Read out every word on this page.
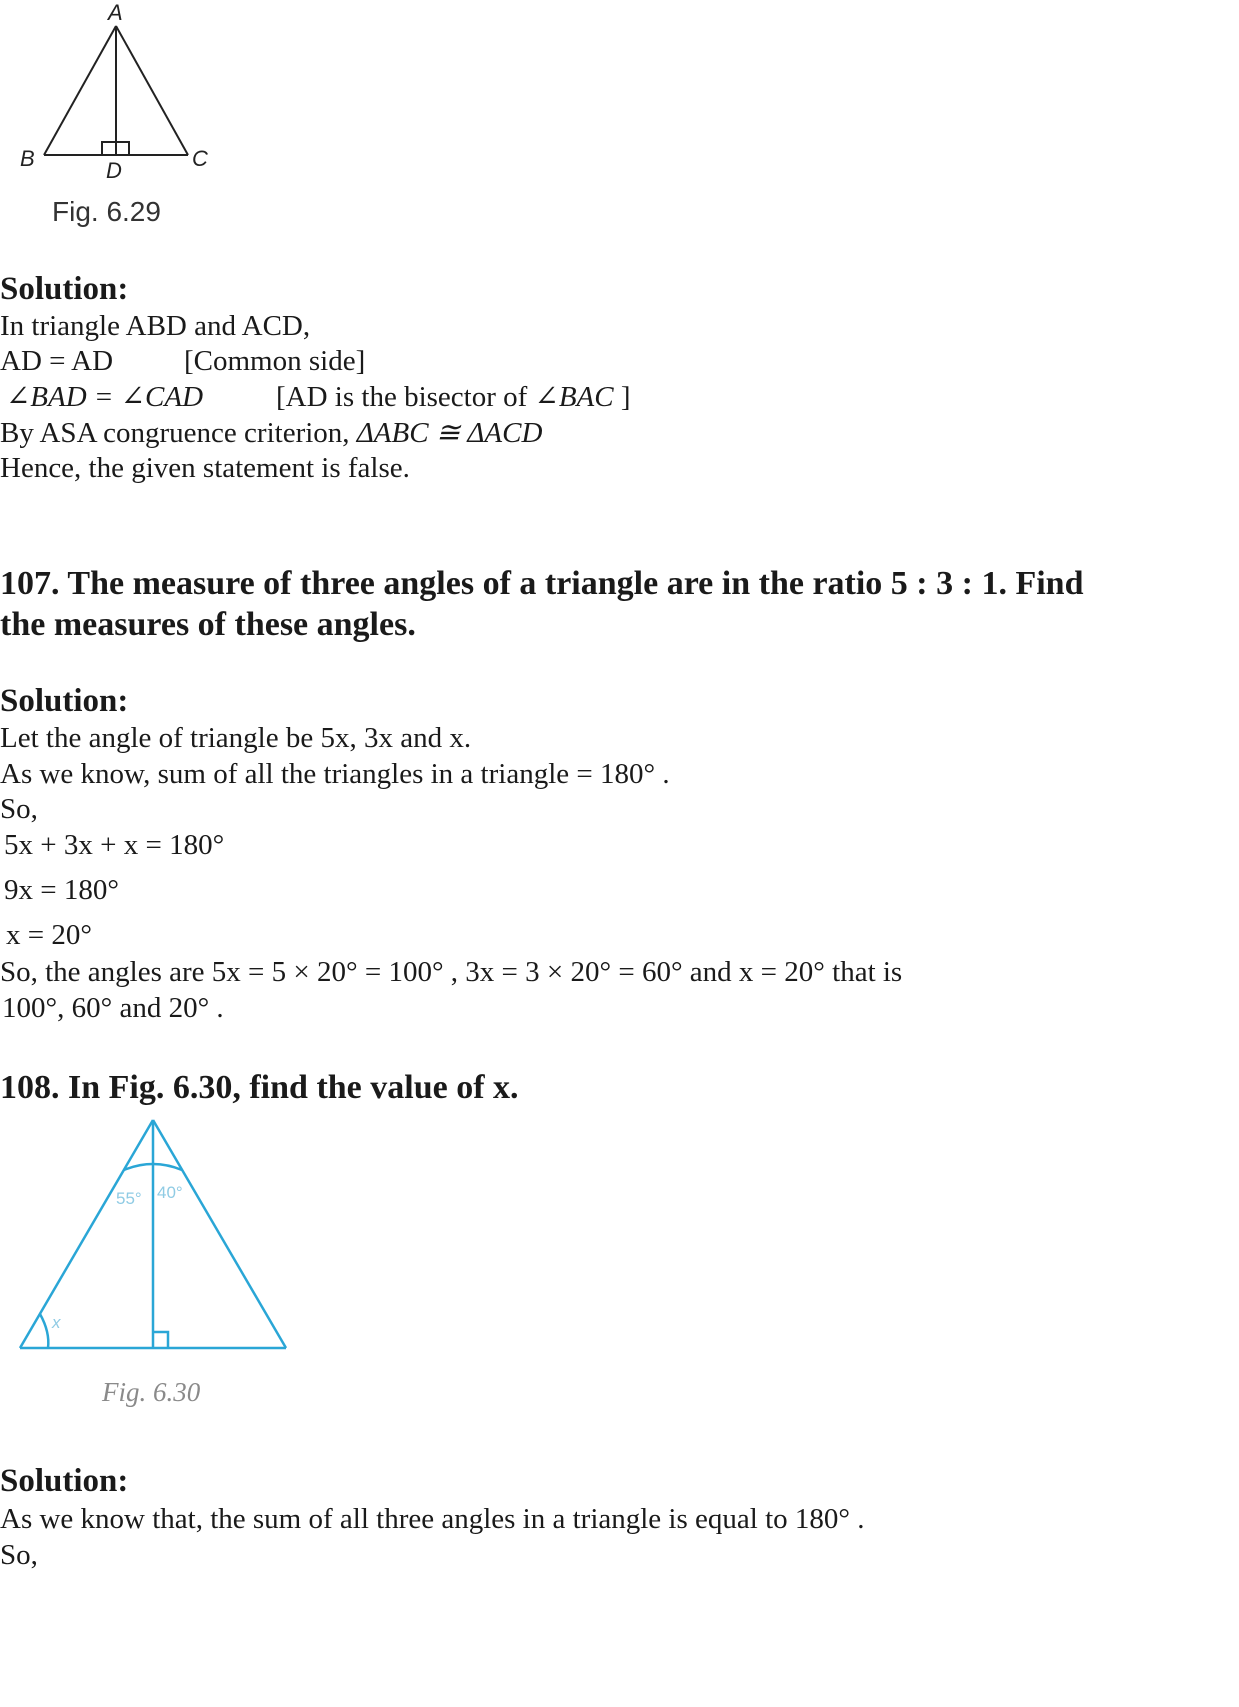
A
B	C
D
Fig. 6.29
Solution:
In triangle ABD and ACD,
AD = AD [Common side]
∠BAD = ∠CAD	[AD is the bisector of ∠BAC ]
By ASA congruence criterion, ΔABC ≅ ΔACD
Hence, the given statement is false.
107. The measure of three angles of a triangle are in the ratio 5 : 3 : 1. Find
the measures of these angles.
Solution:
Let the angle of triangle be 5x, 3x and x.
As we know, sum of all the triangles in a triangle = 180° .
So,
5x + 3x + x = 180°
9x = 180°
x = 20°
So, the angles are 5x = 5 × 20° = 100° , 3x = 3 × 20° = 60° and x = 20° that is
100°, 60° and 20° .
108. In Fig. 6.30, find the value of x.
55° 40°
x
Fig. 6.30
Solution:
As we know that, the sum of all three angles in a triangle is equal to 180° .
So,
